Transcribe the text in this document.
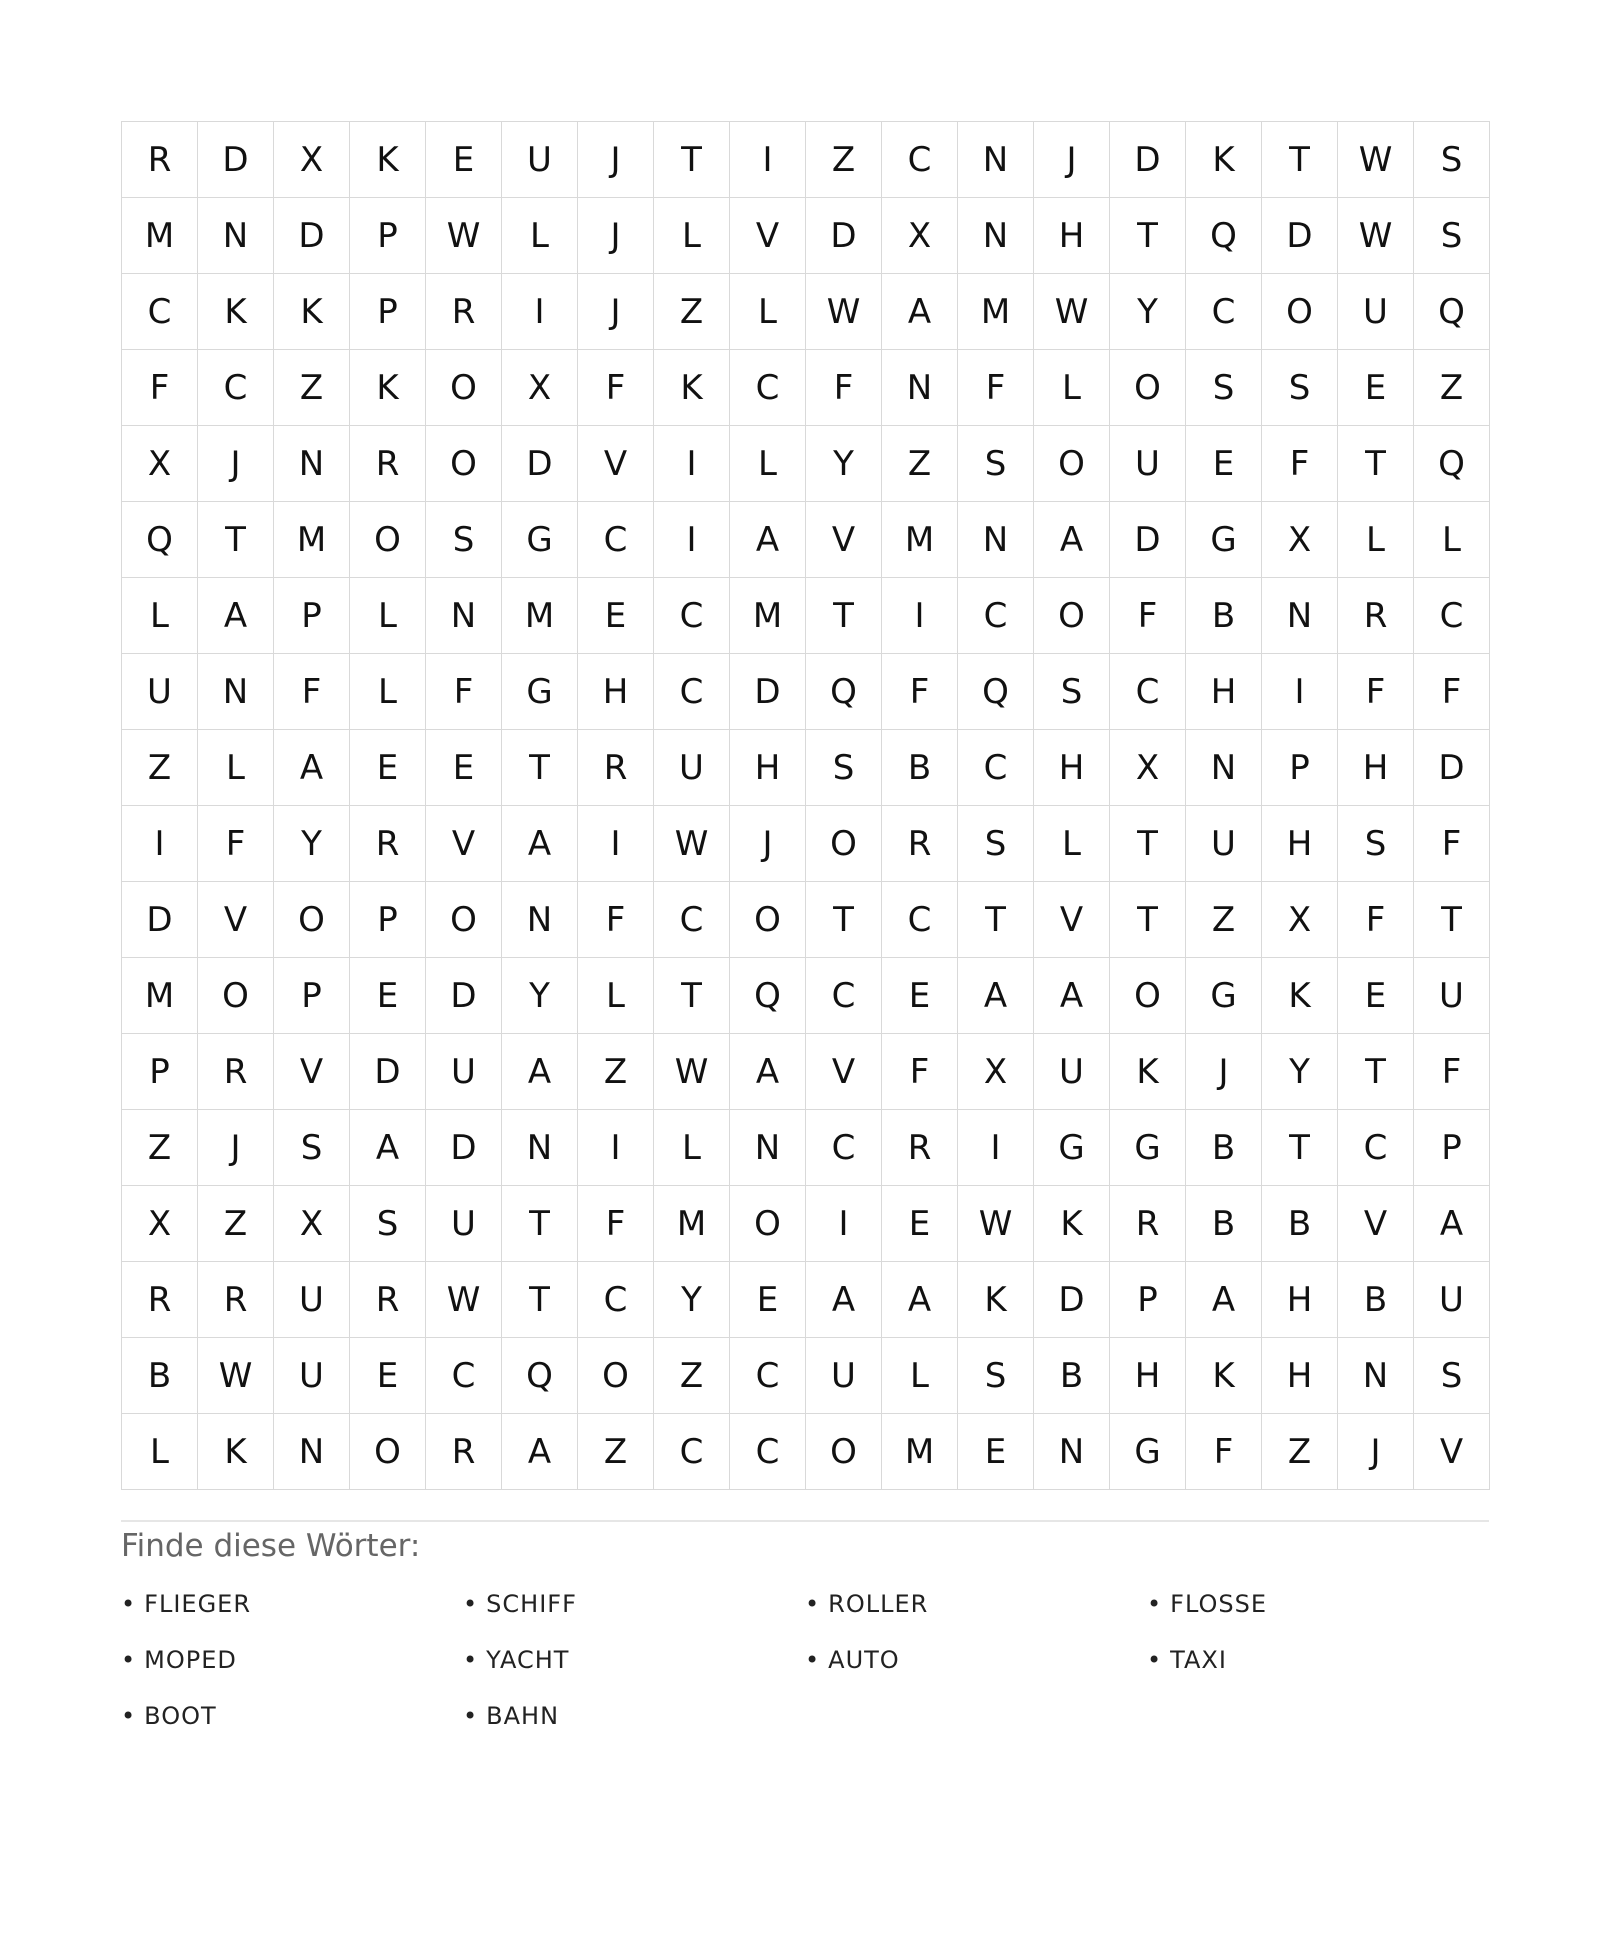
R	D	X	K	E	U	J	T	I	Z	C	N	J	D	K	T	W	S
M	N	D	P	W	L	J	L	V	D	X	N	H	T	Q	D	W	S
C	K	K	P	R	I	J	Z	L	W	A	M	W	Y	C	O	U	Q
F	C	Z	K	O	X	F	K	C	F	N	F	L	O	S	S	E	Z
X	J	N	R	O	D	V	I	L	Y	Z	S	O	U	E	F	T	Q
Q	T	M	O	S	G	C	I	A	V	M	N	A	D	G	X	L	L
L	A	P	L	N	M	E	C	M	T	I	C	O	F	B	N	R	C
U	N	F	L	F	G	H	C	D	Q	F	Q	S	C	H	I	F	F
Z	L	A	E	E	T	R	U	H	S	B	C	H	X	N	P	H	D
I	F	Y	R	V	A	I	W	J	O	R	S	L	T	U	H	S	F
D	V	O	P	O	N	F	C	O	T	C	T	V	T	Z	X	F	T
M	O	P	E	D	Y	L	T	Q	C	E	A	A	O	G	K	E	U
P	R	V	D	U	A	Z	W	A	V	F	X	U	K	J	Y	T	F
Z	J	S	A	D	N	I	L	N	C	R	I	G	G	B	T	C	P
X	Z	X	S	U	T	F	M	O	I	E	W	K	R	B	B	V	A
R	R	U	R	W	T	C	Y	E	A	A	K	D	P	A	H	B	U
B	W	U	E	C	Q	O	Z	C	U	L	S	B	H	K	H	N	S
L	K	N	O	R	A	Z	C	C	O	M	E	N	G	F	Z	J	V
Finde diese Wörter:
• FLIEGER	• SCHIFF	• ROLLER	• FLOSSE
• MOPED	• YACHT	• AUTO	• TAXI
• BOOT	• BAHN
